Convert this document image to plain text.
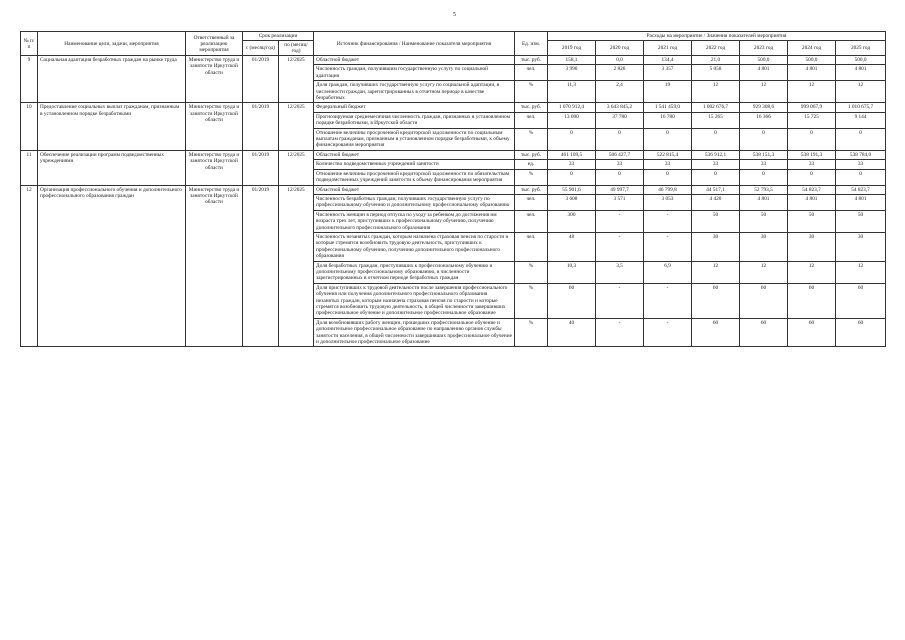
5
№ п/п	Наименование цели, задачи, мероприятия	Ответственный за реализацию мероприятия	Срок реализации		Источник финансирования / Наименование показателя мероприятия	Ед. изм.	Расходы на мероприятие / Значения показателей мероприятия						
			с (месяц/год)	по (месяц/год)			2019 год	2020 год	2021 год	2022 год	2023 год	2024 год	2025 год
9	Социальная адаптация безработных граждан на рынке труда	Министерство труда и занятости Иркутской области	01/2019	12/2025	Областной бюджет	тыс. руб.	158,1	0,0	134,4	21,0	500,0	500,0	500,0
					Численность граждан, получившим государственную услугу по социальной адаптации	чел.	3 990	2 826	3 357	5 058	4 801	4 801	4 801
					Доля граждан, получивших государственную услугу по социальной адаптации, в численности граждан, зарегистрированных в отчетном периоде в качестве безработных	%	11,3	2,4	19	12	12	12	12
10	Предоставление социальных выплат гражданам, признанным в установленном порядке безработными	Министерство труда и занятости Иркутской области	01/2019	12/2025	Федеральный бюджет	тыс. руб.	1 070 912,4	3 643 845,2	1 541 459,0	1 002 676,7	929 308,6	999 067,9	1 010 675,7
					Прогнозируемая среднемесячная численность граждан, признанных в установленном порядке безработными, в Иркутской области	чел.	13 000	37 780	16 780	15 265	16 366	15 725	9 144
					Отношение величины просроченной кредиторской задолженности по социальным выплатам гражданам, признанным в установленном порядке безработными, к объему финансирования мероприятия	%	0	0	0	0	0	0	0
11	Обеспечение реализации программ подведомственных учреждениями	Министерство труда и занятости Иркутской области	01/2019	12/2025	Областной бюджет	тыс. руб.	461 109,5	506 427,7	522 815,4	536 912,1	538 151,3	538 191,3	538 784,0
					Количество подведомственных учреждений занятости	ед.	33	33	33	33	33	33	33
					Отношение величины просроченной кредиторской задолженности по обязательствам подведомственных учреждений занятости к объему финансирования мероприятия	%	0	0	0	0	0	0	0
12	Организация профессионального обучения и дополнительного профессионального образования граждан	Министерство труда и занятости Иркутской области	01/2019	12/2025	Областной бюджет	тыс. руб.	55 901,6	49 997,7	46 799,8	44 517,1	52 793,5	54 823,7	54 823,7
					Численность безработных граждан, получивших государственную услугу по профессиональному обучению и дополнительному профессиональному образованию	чел.	3 608	3 571	3 053	4 420	4 801	4 801	4 801
					Численность женщин в период отпуска по уходу за ребенком до достижения им возраста трех лет, приступивших к профессиональному обучению, получению дополнительного профессионального образования	чел.	300	-	-	50	50	50	50
					Численность незанятых граждан, которым назначена страховая пенсия по старости и которые стремятся возобновить трудовую деятельность, приступивших к профессиональному обучению, получению дополнительного профессионального образования	чел.	48	-	-	30	30	30	30
					Доля безработных граждан, приступивших к профессиональному обучению и дополнительному профессиональному образованию, в численности зарегистрированных в отчетном периоде безработных граждан	%	10,3	3,5	6,9	12	12	12	12
					Доля приступивших к трудовой деятельности после завершения профессионального обучения или получения дополнительного профессионального образования незанятых граждан, которым назначена страховая пенсия по старости и которые стремятся возобновить трудовую деятельность, в общей численности завершивших профессиональное обучение и дополнительное профессиональное образование	%	60	-	-	60	60	60	60
					Доля возобновивших работу женщин, прошедших профессиональное обучение и дополнительное профессиональное образование по направлению органов службы занятости населения, в общей численности завершивших профессиональное обучение и дополнительное профессиональное образование	%	40	-	-	60	60	60	60
